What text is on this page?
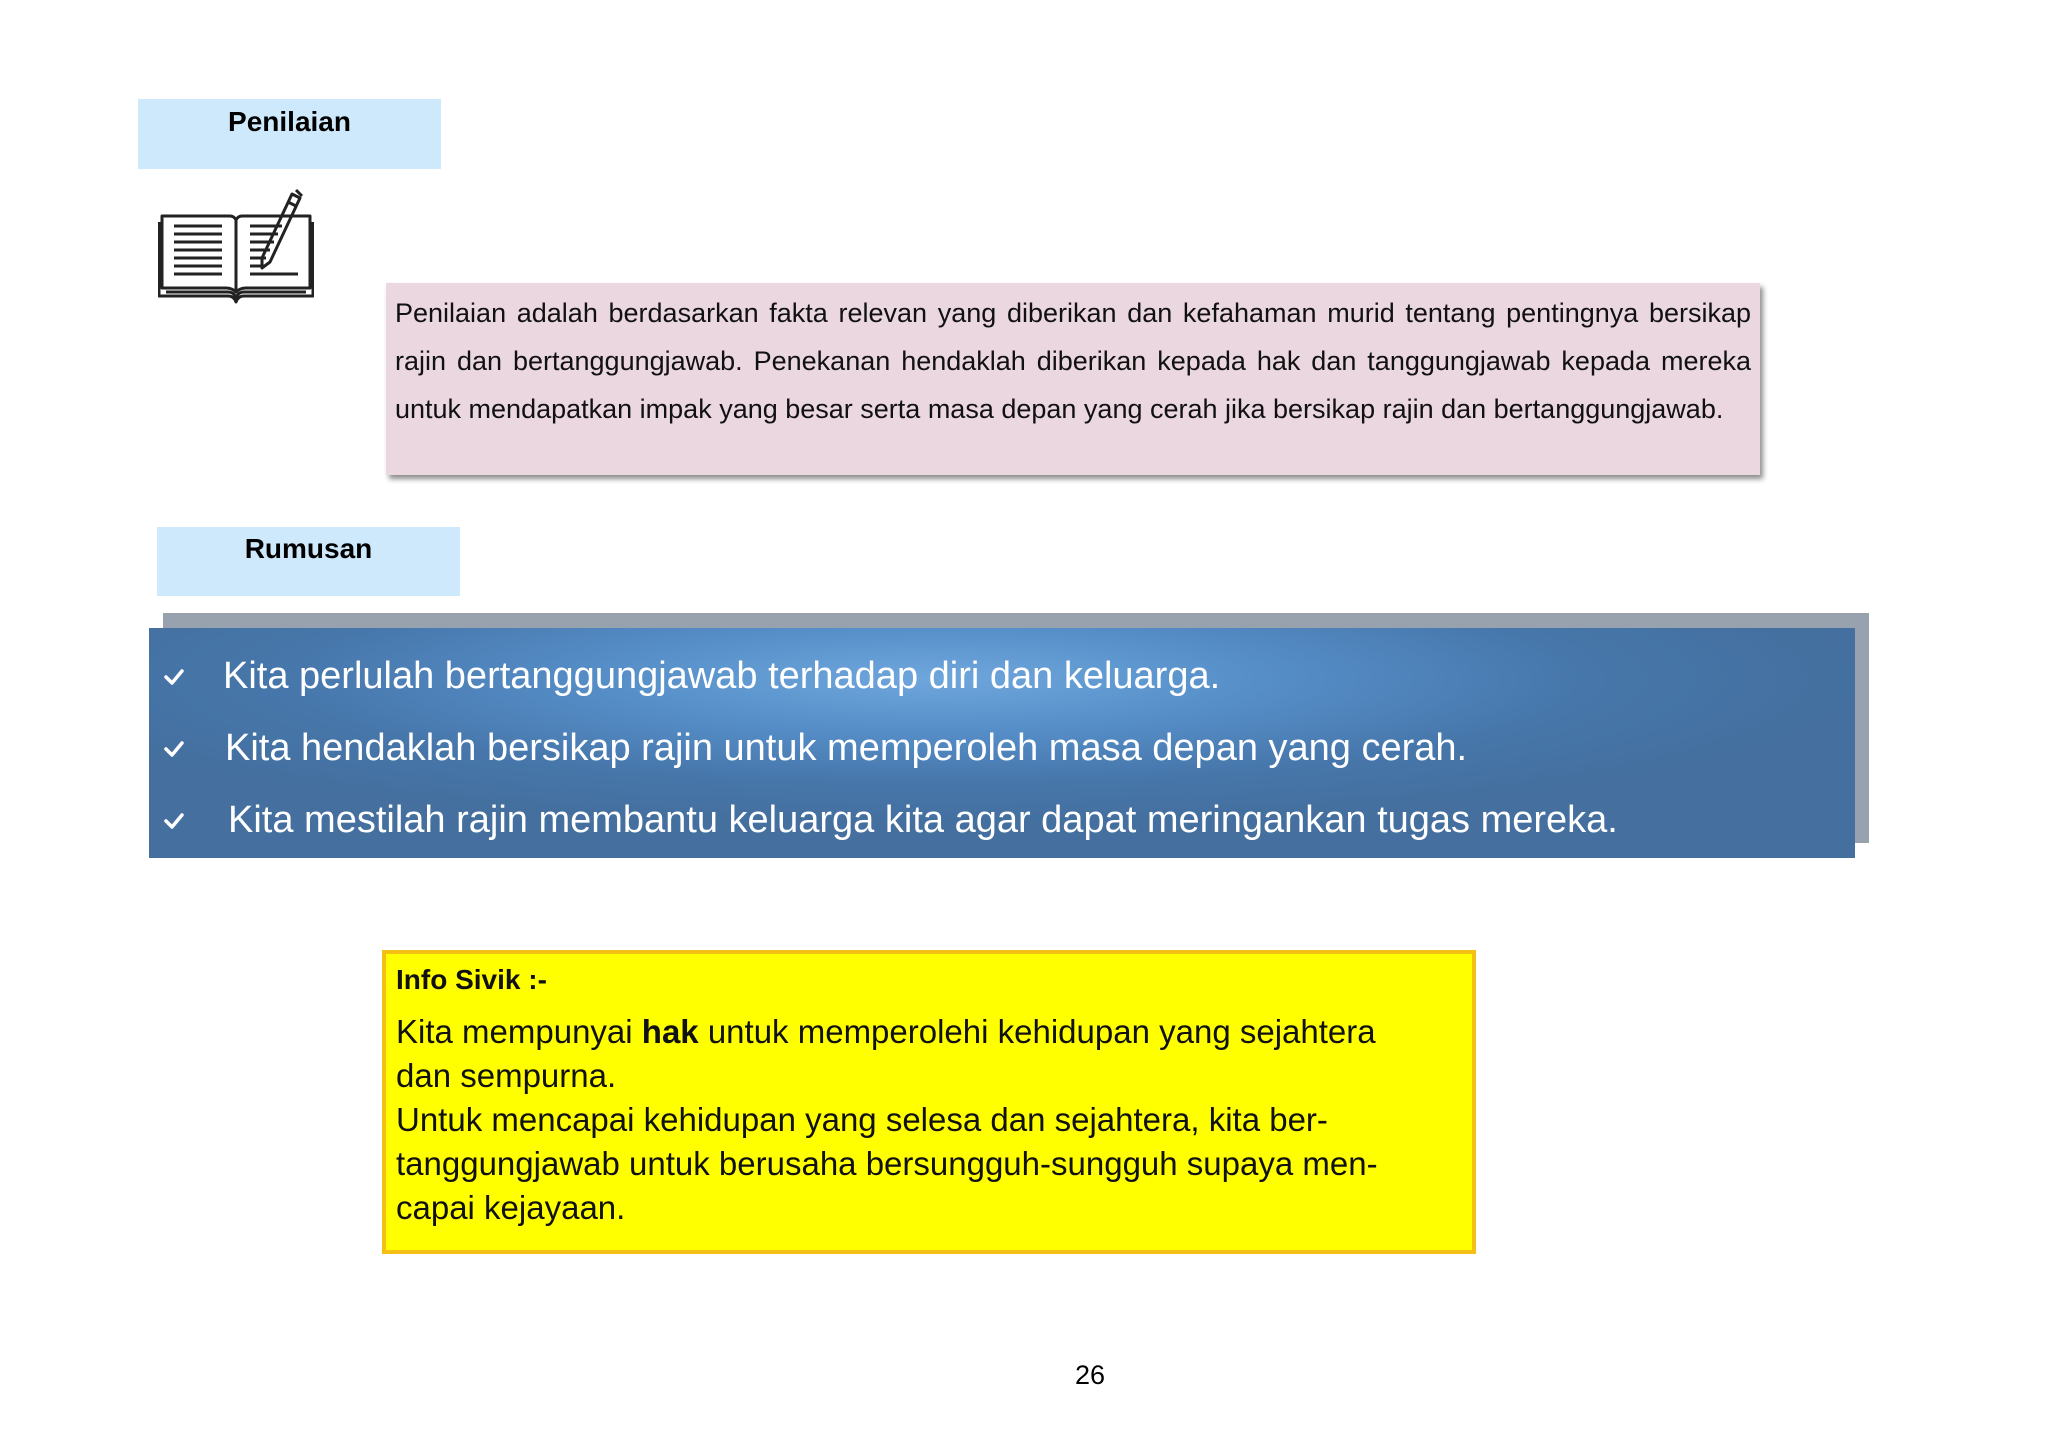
Penilaian
Penilaian adalah berdasarkan fakta relevan yang diberikan dan kefahaman murid tentang pentingnya bersikap rajin dan bertanggungjawab. Penekanan hendaklah diberikan kepada hak dan tanggungjawab kepada mereka untuk mendapatkan impak yang besar serta masa depan yang cerah jika bersikap rajin dan bertanggungjawab.
Rumusan
Kita perlulah bertanggungjawab terhadap diri dan keluarga.
Kita hendaklah bersikap rajin untuk memperoleh masa depan yang cerah.
Kita mestilah rajin membantu keluarga kita agar dapat meringankan tugas mereka.
Info Sivik :-
Kita mempunyai hak untuk memperolehi kehidupan yang sejahtera
dan sempurna.
Untuk mencapai kehidupan yang selesa dan sejahtera, kita ber-
tanggungjawab untuk berusaha bersungguh-sungguh supaya men-
capai kejayaan.
26
